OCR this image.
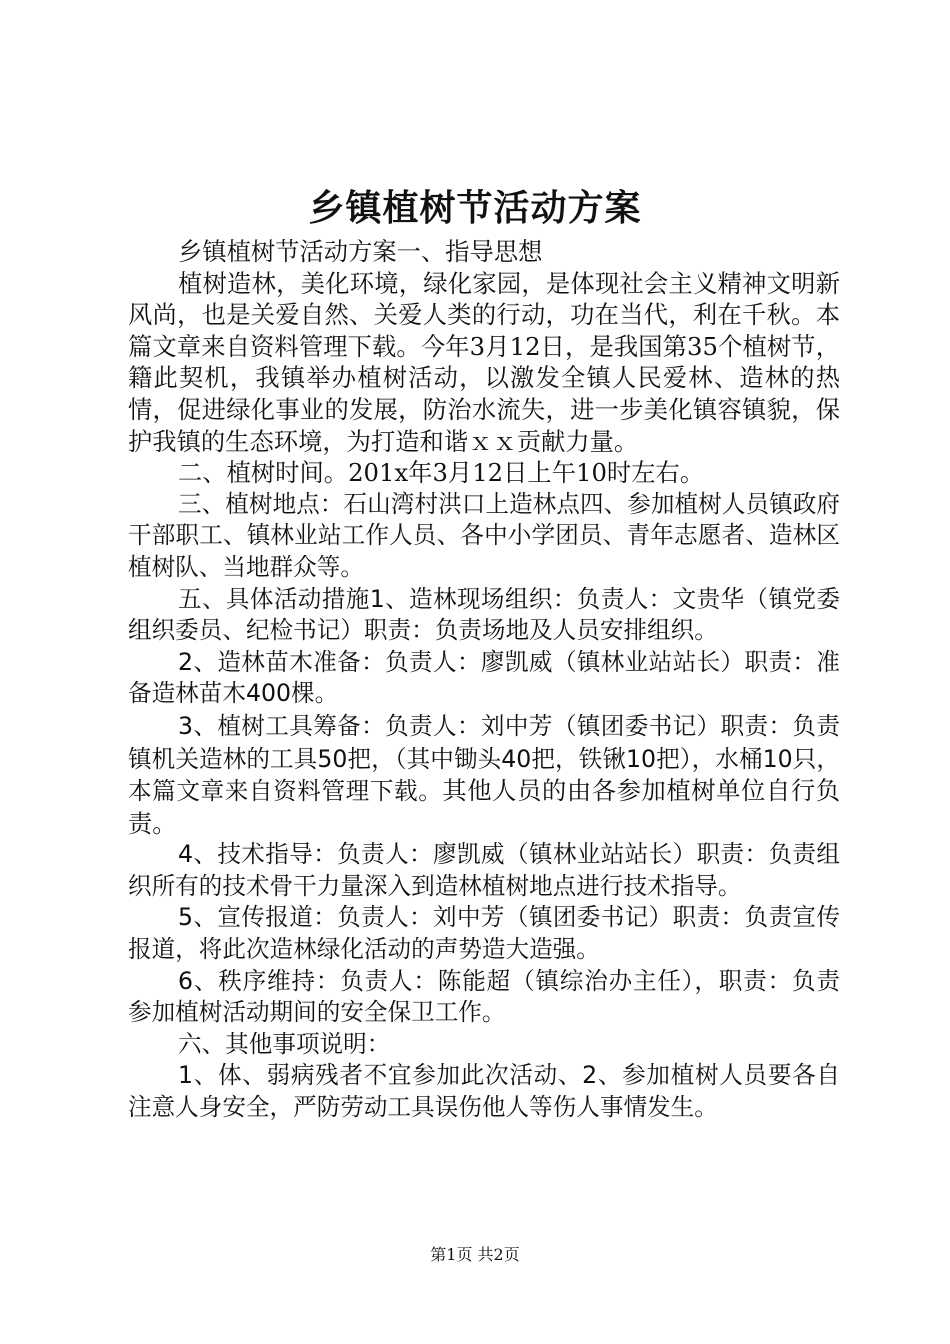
乡镇植树节活动方案

乡镇植树节活动方案一、指导思想

植树造林，美化环境，绿化家园，是体现社会主义精神文明新风尚，也是关爱自然、关爱人类的行动，功在当代，利在千秋。本篇文章来自资料管理下载。今年3月12日，是我国第35个植树节，籍此契机，我镇举办植树活动，以激发全镇人民爱林、造林的热情，促进绿化事业的发展，防治水流失，进一步美化镇容镇貌，保护我镇的生态环境，为打造和谐ｘｘ贡献力量。

二、植树时间。201x年3月12日上午10时左右。

三、植树地点：石山湾村洪口上造林点四、参加植树人员镇政府干部职工、镇林业站工作人员、各中小学团员、青年志愿者、造林区植树队、当地群众等。

五、具体活动措施1、造林现场组织：负责人：文贵华（镇党委组织委员、纪检书记）职责：负责场地及人员安排组织。

2、造林苗木准备：负责人：廖凯威（镇林业站站长）职责：准备造林苗木400棵。

3、植树工具筹备：负责人：刘中芳（镇团委书记）职责：负责镇机关造林的工具50把，（其中锄头40把，铁锹10把），水桶10只，本篇文章来自资料管理下载。其他人员的由各参加植树单位自行负责。

4、技术指导：负责人：廖凯威（镇林业站站长）职责：负责组织所有的技术骨干力量深入到造林植树地点进行技术指导。

5、宣传报道：负责人：刘中芳（镇团委书记）职责：负责宣传报道，将此次造林绿化活动的声势造大造强。

6、秩序维持：负责人：陈能超（镇综治办主任），职责：负责参加植树活动期间的安全保卫工作。

六、其他事项说明：

1、体、弱病残者不宜参加此次活动、2、参加植树人员要各自注意人身安全，严防劳动工具误伤他人等伤人事情发生。

第1页 共2页
